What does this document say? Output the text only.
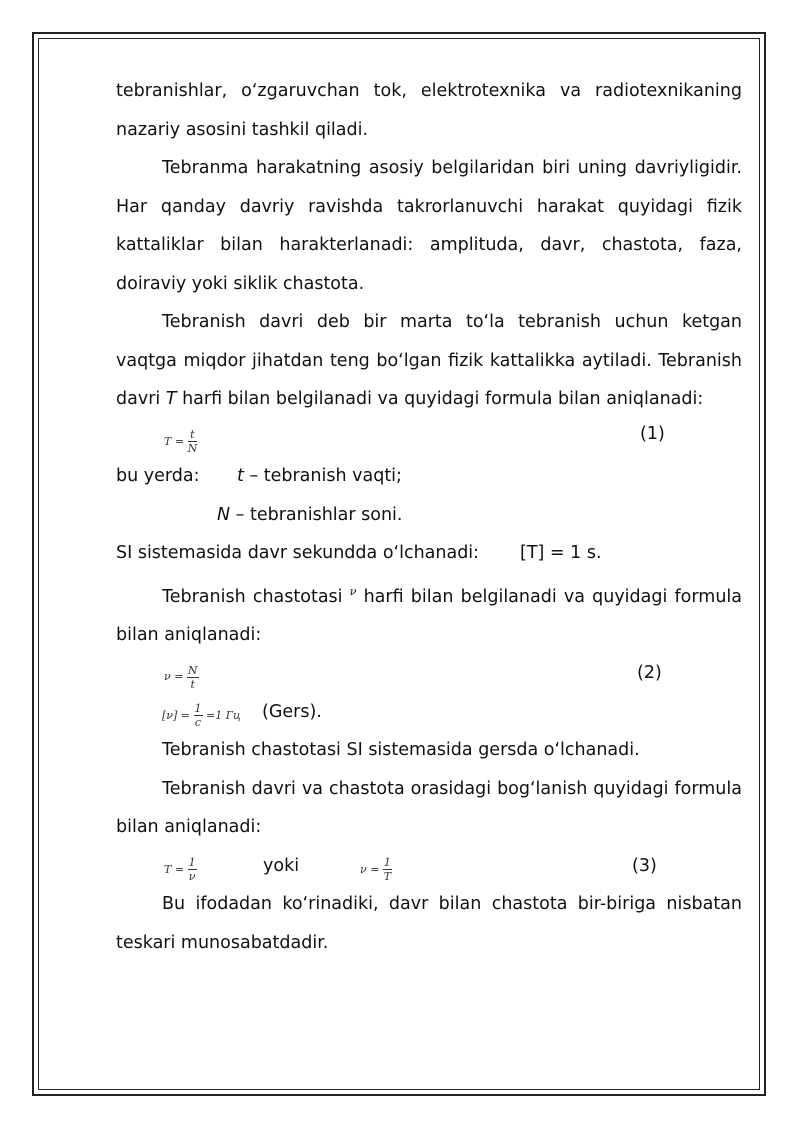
tebranishlar, o‘zgaruvchan tok, elektrotexnika va radiotexnikaning nazariy asosini tashkil qiladi.

Tebranma harakatning asosiy belgilaridan biri uning davriyligidir. Har qanday davriy ravishda takrorlanuvchi harakat quyidagi fizik kattaliklar bilan harakterlanadi: amplituda, davr, chastota, faza, doiraviy yoki siklik chastota.

Tebranish davri deb bir marta to‘la tebranish uchun ketgan vaqtga miqdor jihatdan teng bo‘lgan fizik kattalikka aytiladi. Tebranish davri T harfi bilan belgilanadi va quyidagi formula bilan aniqlanadi:

$T = \frac{t}{N}$	(1)
bu yerda: t – tebranish vaqti;
N – tebranishlar soni.
SI sistemasida davr sekundda o‘lchanadi: [T] = 1 s.

Tebranish chastotasi $^\nu$ harfi bilan belgilanadi va quyidagi formula bilan aniqlanadi:

$\nu = \frac{N}{t}$	(2)
$[\nu] = \frac{1}{c} =1$ Гц (Gers).

Tebranish chastotasi SI sistemasida gersda o‘lchanadi.

Tebranish davri va chastota orasidagi bog‘lanish quyidagi formula bilan aniqlanadi:

$T = \frac{1}{\nu}$	yoki	$\nu = \frac{1}{T}$	(3)

Bu ifodadan ko‘rinadiki, davr bilan chastota bir-biriga nisbatan teskari munosabatdadir.
